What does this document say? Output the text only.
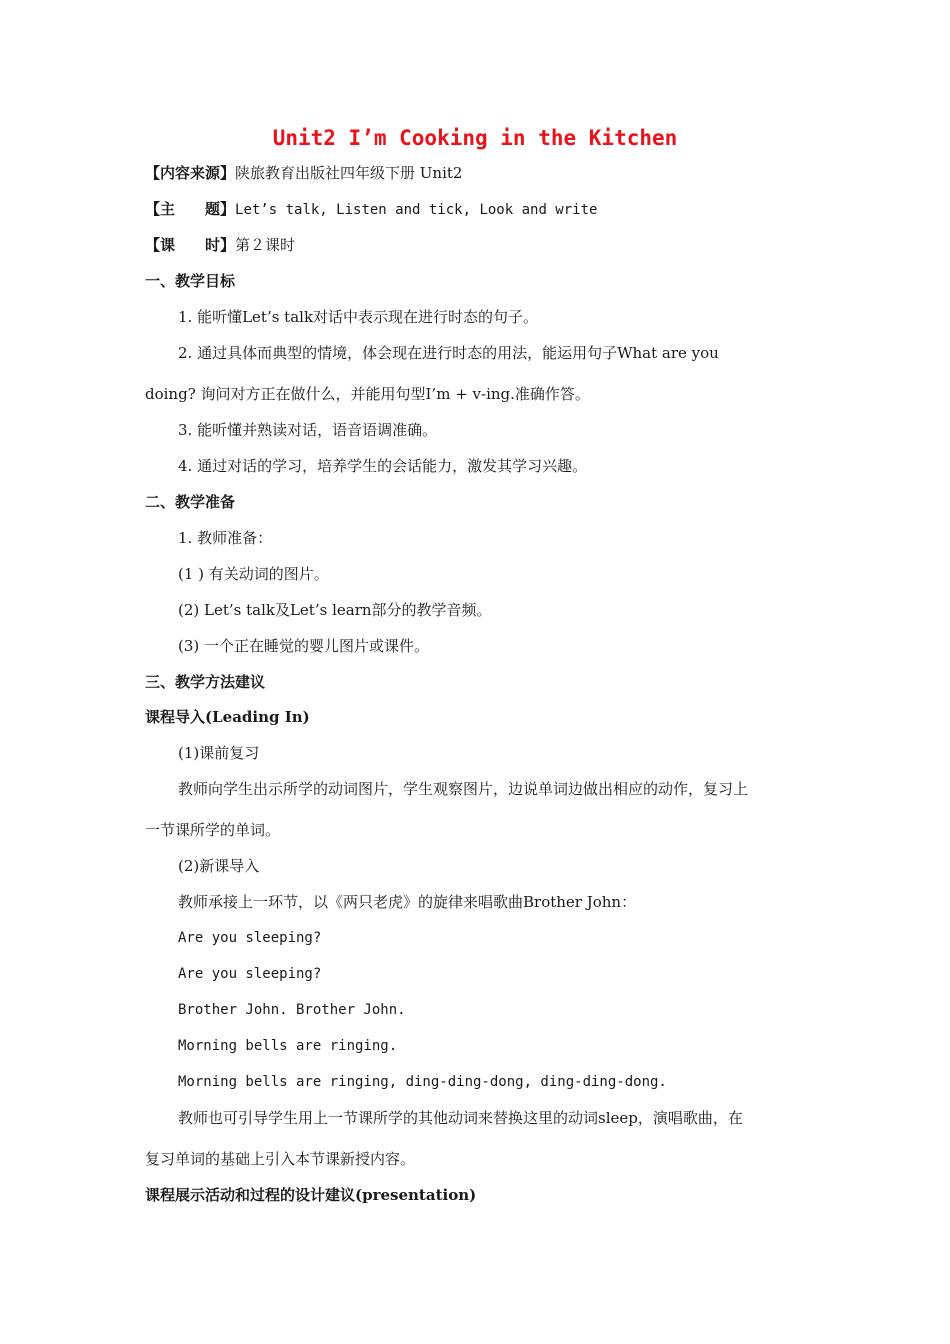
Unit2 I’m Cooking in the Kitchen
【内容来源】陕旅教育出版社四年级下册 Unit2
【主　　题】Let’s talk, Listen and tick, Look and write
【课　　时】第２课时
一、教学目标
1. 能听懂Let’s talk对话中表示现在进行时态的句子。
2. 通过具体而典型的情境，体会现在进行时态的用法，能运用句子What are you
doing? 询问对方正在做什么，并能用句型I’m + v-ing.准确作答。
3. 能听懂并熟读对话，语音语调准确。
4. 通过对话的学习，培养学生的会话能力，激发其学习兴趣。
二、教学准备
1. 教师准备：
(1 ) 有关动词的图片。
(2) Let’s talk及Let’s learn部分的教学音频。
(3) 一个正在睡觉的婴儿图片或课件。
三、教学方法建议
课程导入(Leading In)
(1)课前复习
教师向学生出示所学的动词图片，学生观察图片，边说单词边做出相应的动作，复习上
一节课所学的单词。
(2)新课导入
教师承接上一环节，以《两只老虎》的旋律来唱歌曲Brother John：
Are you sleeping?
Are you sleeping?
Brother John. Brother John.
Morning bells are ringing.
Morning bells are ringing, ding-ding-dong, ding-ding-dong.
教师也可引导学生用上一节课所学的其他动词来替换这里的动词sleep，演唱歌曲，在
复习单词的基础上引入本节课新授内容。
课程展示活动和过程的设计建议(presentation)
